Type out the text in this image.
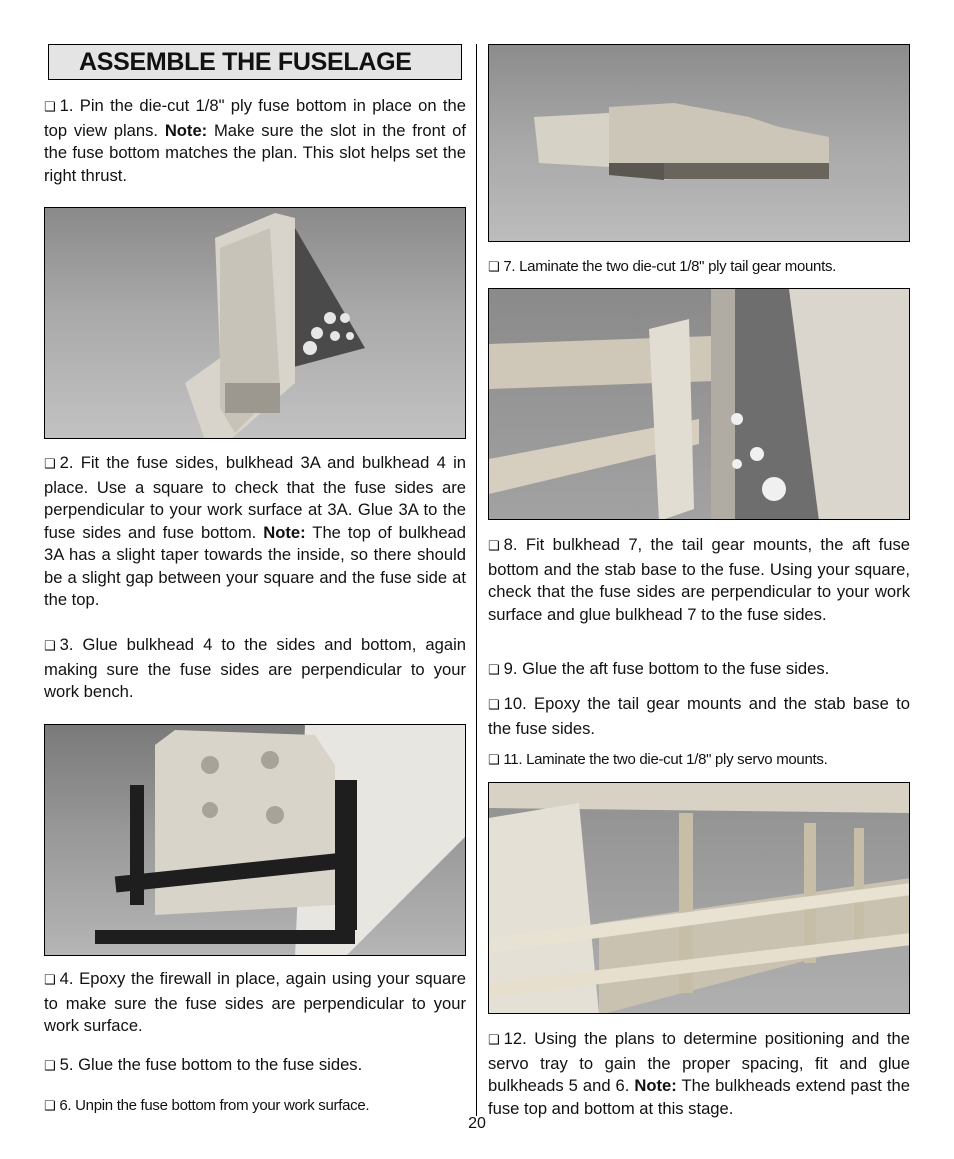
ASSEMBLE THE FUSELAGE

❑ 1. Pin the die-cut 1/8" ply fuse bottom in place on the top view plans. Note: Make sure the slot in the front of the fuse bottom matches the plan. This slot helps set the right thrust.

❑ 2. Fit the fuse sides, bulkhead 3A and bulkhead 4 in place. Use a square to check that the fuse sides are perpendicular to your work surface at 3A. Glue 3A to the fuse sides and fuse bottom. Note: The top of bulkhead 3A has a slight taper towards the inside, so there should be a slight gap between your square and the fuse side at the top.

❑ 3. Glue bulkhead 4 to the sides and bottom, again making sure the fuse sides are perpendicular to your work bench.

❑ 4. Epoxy the firewall in place, again using your square to make sure the fuse sides are perpendicular to your work surface.

❑ 5. Glue the fuse bottom to the fuse sides.

❑ 6. Unpin the fuse bottom from your work surface.

❑ 7. Laminate the two die-cut 1/8" ply tail gear mounts.

❑ 8. Fit bulkhead 7, the tail gear mounts, the aft fuse bottom and the stab base to the fuse. Using your square, check that the fuse sides are perpendicular to your work surface and glue bulkhead 7 to the fuse sides.

❑ 9. Glue the aft fuse bottom to the fuse sides.

❑ 10. Epoxy the tail gear mounts and the stab base to the fuse sides.

❑ 11. Laminate the two die-cut 1/8" ply servo mounts.

❑ 12. Using the plans to determine positioning and the servo tray to gain the proper spacing, fit and glue bulkheads 5 and 6. Note: The bulkheads extend past the fuse top and bottom at this stage.

20
